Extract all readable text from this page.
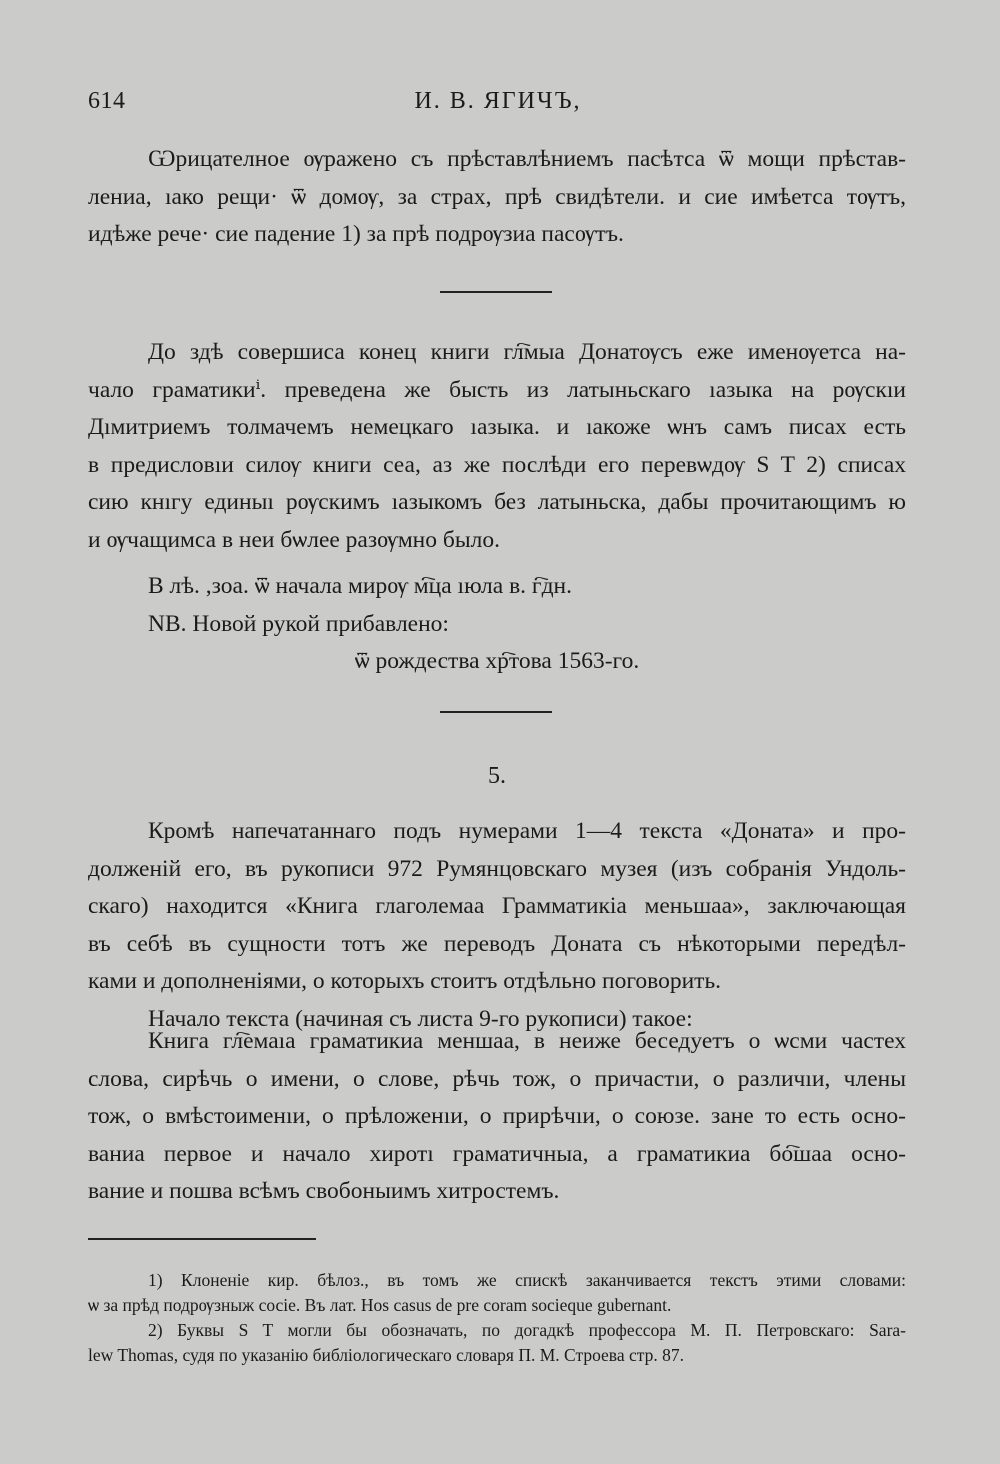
614	И. В. ЯГИЧЪ,
Ѡрицателное ѹражено съ прѣставлѣниемъ пасѣтса ѿ мощи прѣстав-
лениа, ıако рещи· ѿ домѹ, за страх, прѣ свидѣтели. и сие имѣетса тѹтъ,
идѣже рече· сие падение 1) за прѣ подрѹзиа пасѹтъ.
До здѣ совершиса конец книги гл҇мыа Донатѹсъ еже именѹетса на-
чало граматикиⁱ. преведена же бысть из латыньскаго ıазыка на рѹскıи
Дıмитриемъ толмачемъ немецкаго ıазыка. и ıакоже ѡнъ самъ писах есть
в предисловıи силѹ книги сеа, аз же послѣди его перевѡдѹ S T 2) списах
сию кнıгу единыı рѹскимъ ıазыкомъ без латыньска, дабы прочитающимъ ю
и ѹчащимса в неи бѡлее разѹмно было.
В лѣ. ,зоа. ѿ начала мирѹ м҇ца ıюла в. г҇дн.
NB. Новой рукой прибавлено:
ѿ рождества хр҇това 1563-го.
5.
Кромѣ напечатаннаго подъ нумерами 1—4 текста «Доната» и про-
долженій его, въ рукописи 972 Румянцовскаго музея (изъ собранія Ундоль-
скаго) находится «Книга глаголемаа Грамматикіа меньшаа», заключающая
въ себѣ въ сущности тотъ же переводъ Доната съ нѣкоторыми передѣл-
ками и дополненіями, о которыхъ стоитъ отдѣльно поговорить.
Начало текста (начиная съ листа 9-го рукописи) такое:
Книга гл҇емаıа граматикиа меншаа, в неиже беседуетъ о ѡсми частех
слова, сирѣчь о имени, о слове, рѣчь тож, о причастıи, о различıи, члены
тож, о вмѣстоименıи, о прѣложенıи, о прирѣчıи, о союзе. зане то есть осно-
ваниа первое и начало хиротı граматичныа, а граматикиа бо҇шаа осно-
вание и пошва всѣмъ свобоныимъ хитростемъ.
1) Клоненіе кир. бѣлоз., въ томъ же спискѣ заканчивается текстъ этими словами:
ѡ за прѣд подрѹзныж сосiе. Въ лат. Hos casus de pre coram socieque gubernant.
2) Буквы S T могли бы обозначать, по догадкѣ профессора М. П. Петровскаго: Sara-
lew Thomas, судя по указанію библіологическаго словаря П. М. Строева стр. 87.
